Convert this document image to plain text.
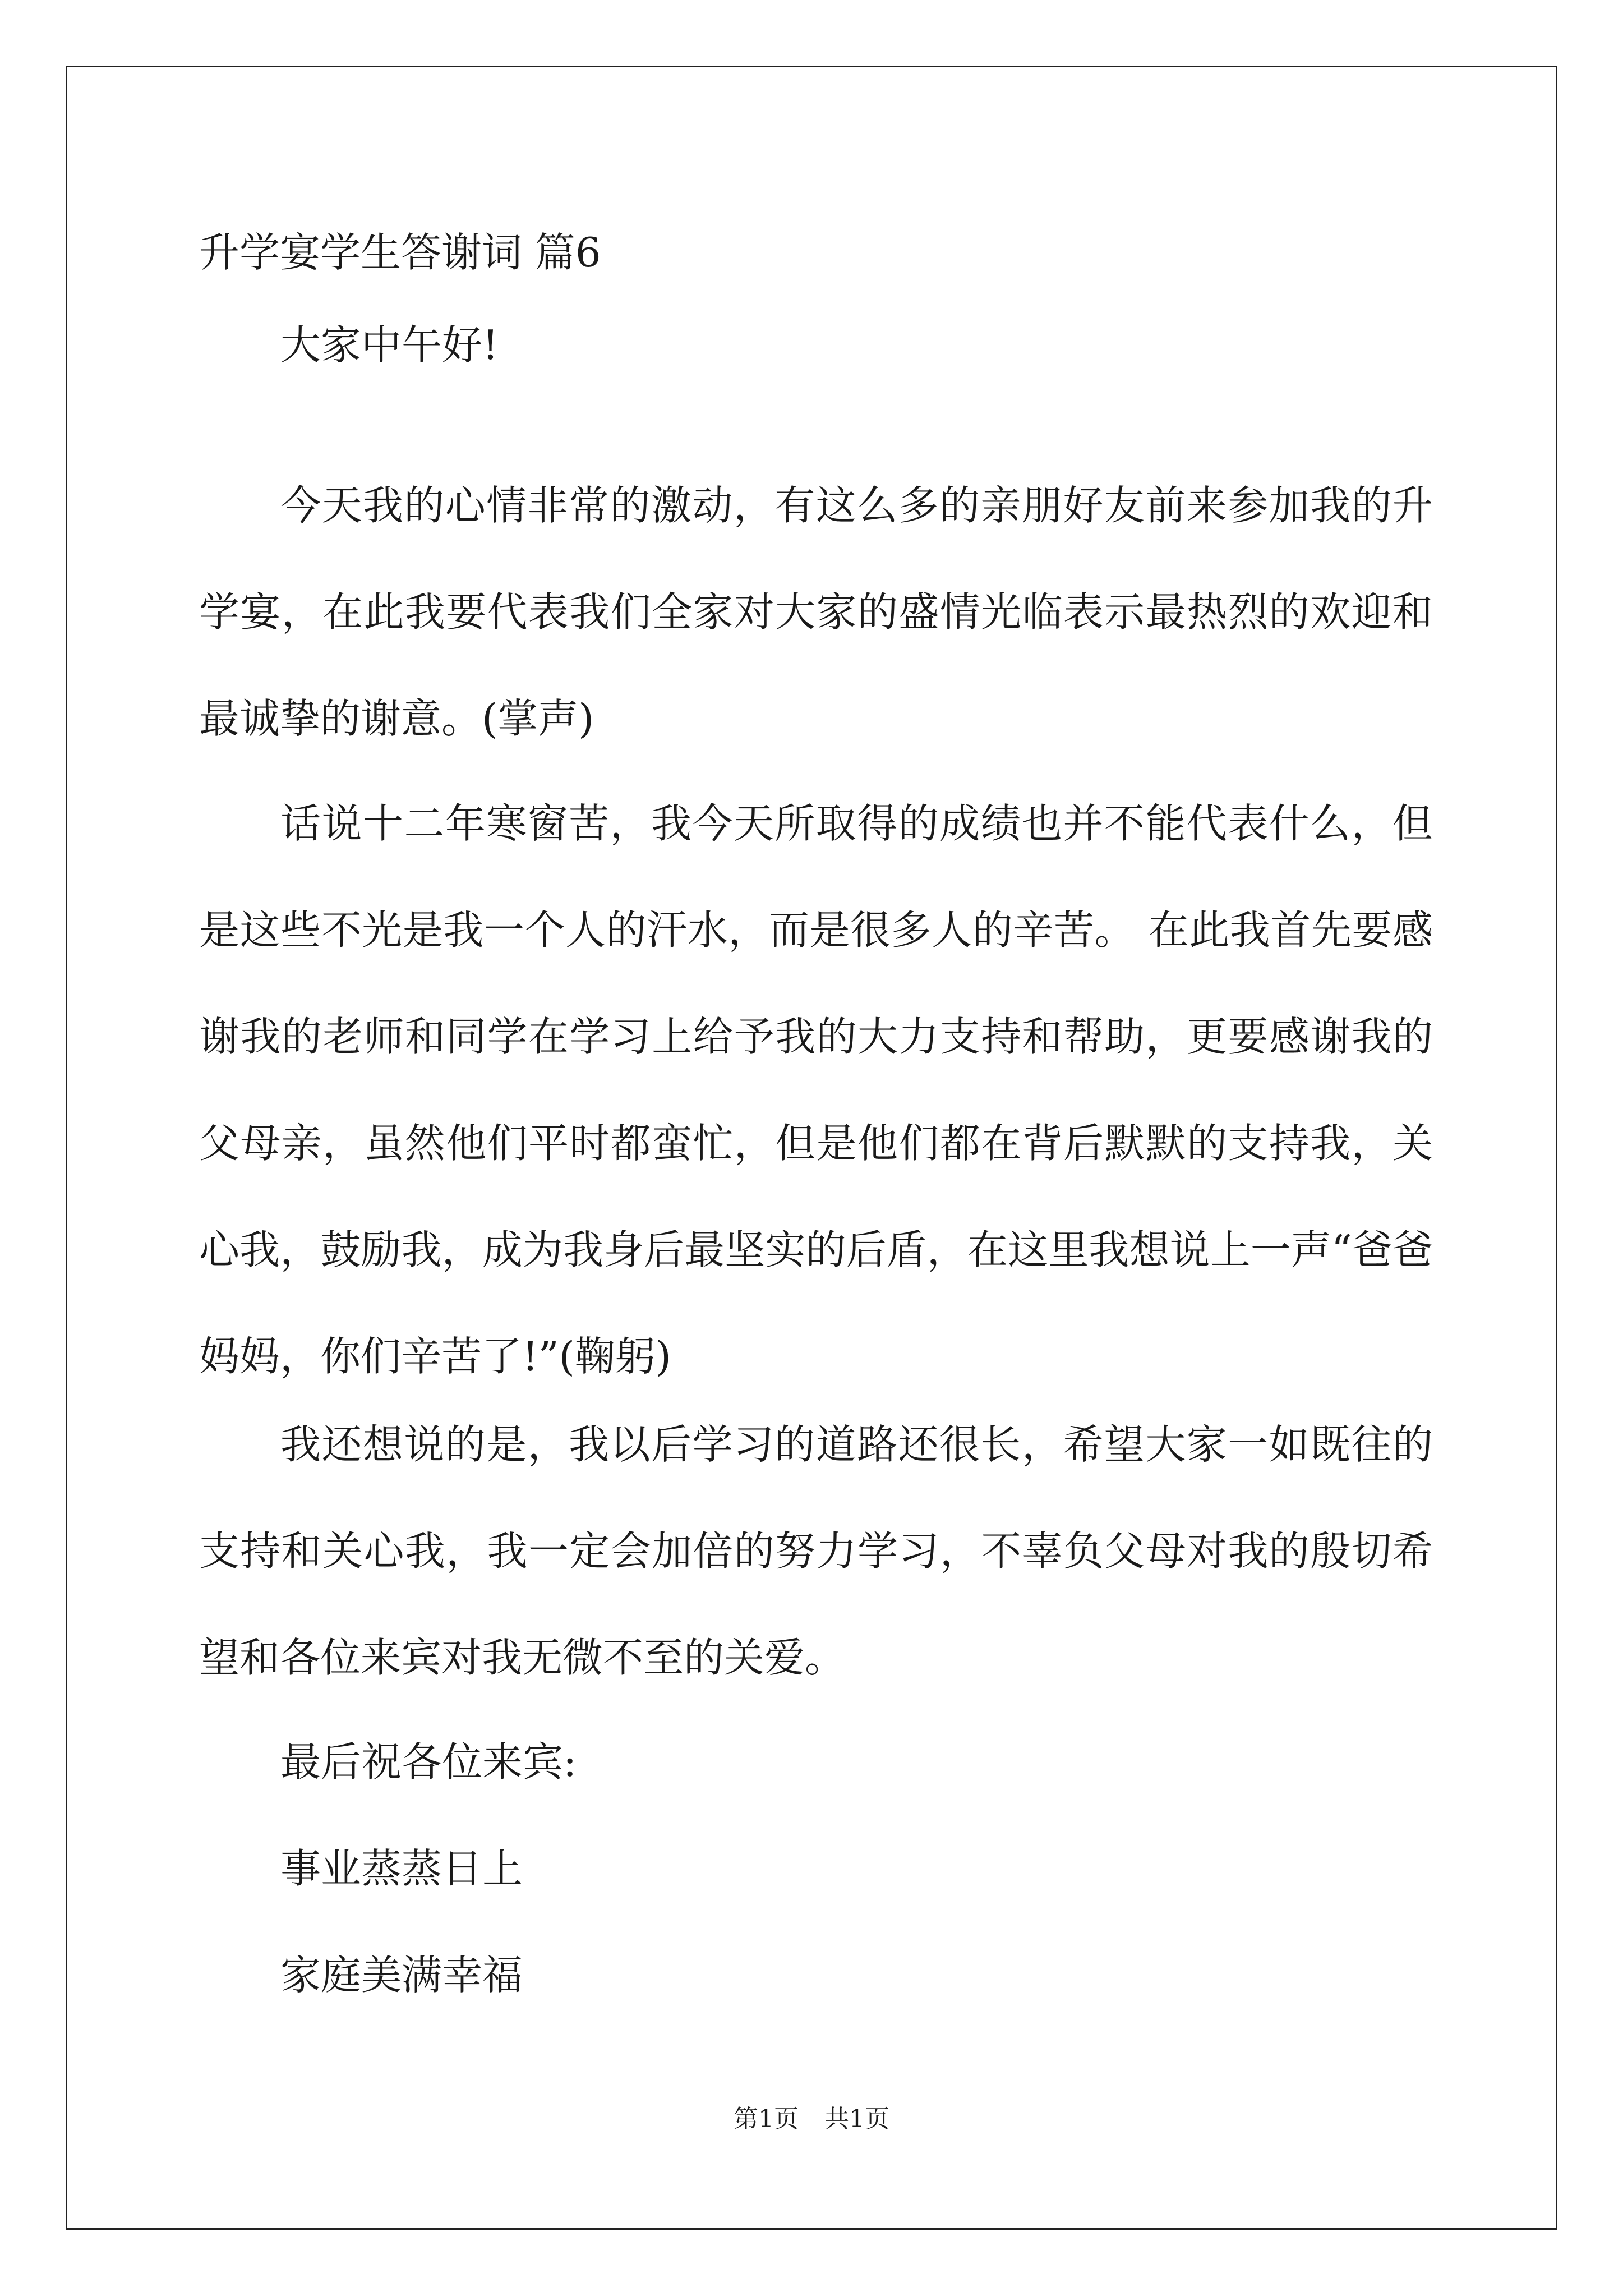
升学宴学生答谢词 篇6

大家中午好!

今天我的心情非常的激动，有这么多的亲朋好友前来参加我的升学宴，在此我要代表我们全家对大家的盛情光临表示最热烈的欢迎和最诚挚的谢意。(掌声)

话说十二年寒窗苦，我今天所取得的成绩也并不能代表什么，但是这些不光是我一个人的汗水，而是很多人的辛苦。 在此我首先要感谢我的老师和同学在学习上给予我的大力支持和帮助，更要感谢我的父母亲，虽然他们平时都蛮忙，但是他们都在背后默默的支持我，关心我，鼓励我，成为我身后最坚实的后盾，在这里我想说上一声“爸爸妈妈，你们辛苦了!”(鞠躬)

我还想说的是，我以后学习的道路还很长，希望大家一如既往的支持和关心我，我一定会加倍的努力学习，不辜负父母对我的殷切希望和各位来宾对我无微不至的关爱。

最后祝各位来宾:

事业蒸蒸日上

家庭美满幸福

第1页 共1页
